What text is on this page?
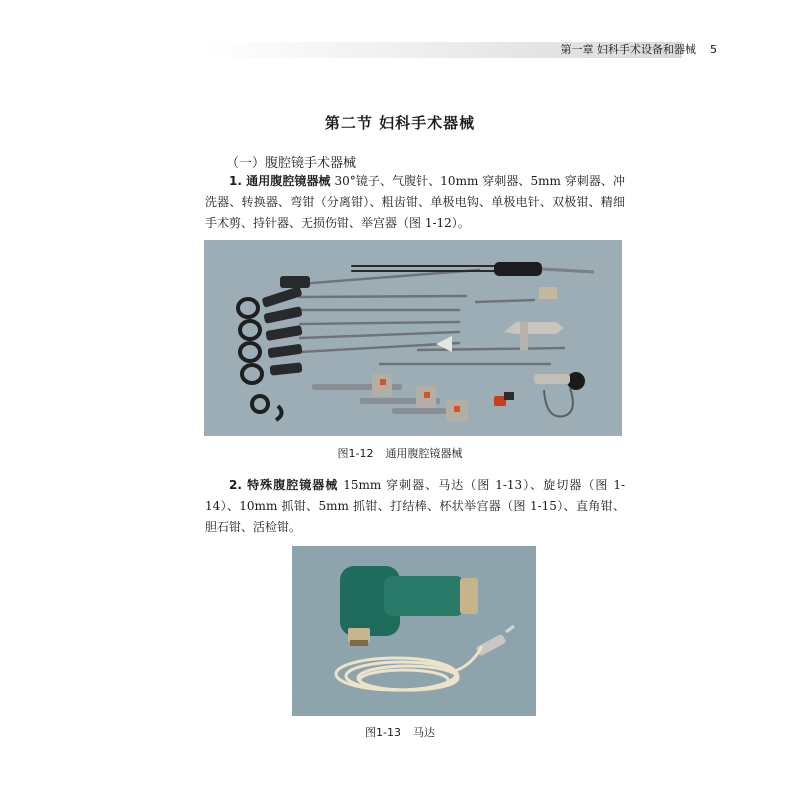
第一章 妇科手术设备和器械 5
第二节 妇科手术器械
（一）腹腔镜手术器械
1. 通用腹腔镜器械 30°镜子、气腹针、10mm 穿刺器、5mm 穿刺器、冲洗器、转换器、弯钳（分离钳）、粗齿钳、单极电钩、单极电针、双极钳、精细手术剪、持针器、无损伤钳、举宫器（图 1-12）。
图1-12 通用腹腔镜器械
2. 特殊腹腔镜器械 15mm 穿刺器、马达（图 1-13）、旋切器（图 1-14）、10mm 抓钳、5mm 抓钳、打结棒、杯状举宫器（图 1-15）、直角钳、胆石钳、活检钳。
图1-13 马达
